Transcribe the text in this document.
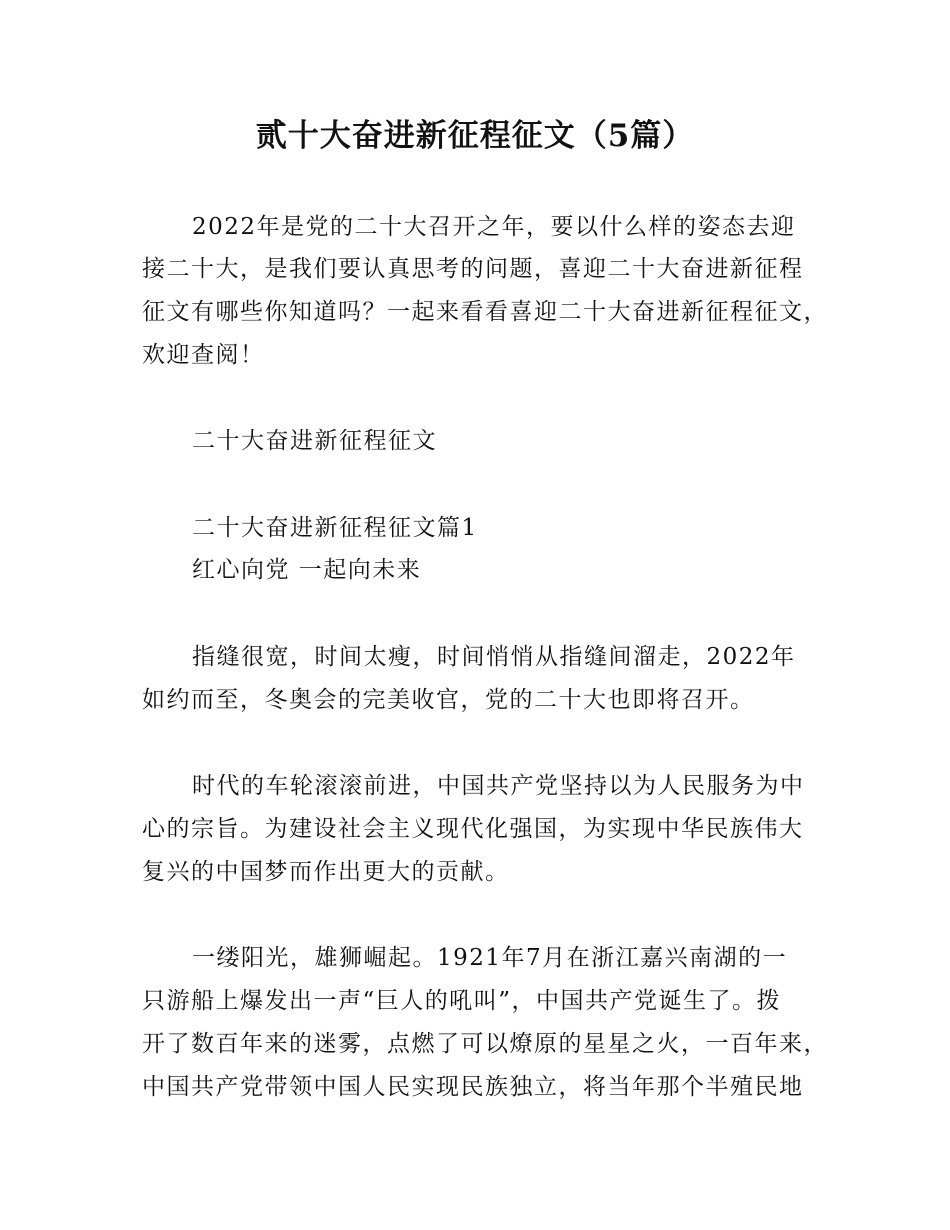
贰十大奋进新征程征文（5篇）

2022年是党的二十大召开之年，要以什么样的姿态去迎

接二十大，是我们要认真思考的问题，喜迎二十大奋进新征程

征文有哪些你知道吗？一起来看看喜迎二十大奋进新征程征文，

欢迎查阅！

二十大奋进新征程征文

二十大奋进新征程征文篇1

红心向党 一起向未来

指缝很宽，时间太瘦，时间悄悄从指缝间溜走，2022年

如约而至，冬奥会的完美收官，党的二十大也即将召开。

时代的车轮滚滚前进，中国共产党坚持以为人民服务为中

心的宗旨。为建设社会主义现代化强国，为实现中华民族伟大

复兴的中国梦而作出更大的贡献。

一缕阳光，雄狮崛起。1921年7月在浙江嘉兴南湖的一

只游船上爆发出一声“巨人的吼叫”，中国共产党诞生了。拨

开了数百年来的迷雾，点燃了可以燎原的星星之火，一百年来，

中国共产党带领中国人民实现民族独立，将当年那个半殖民地
